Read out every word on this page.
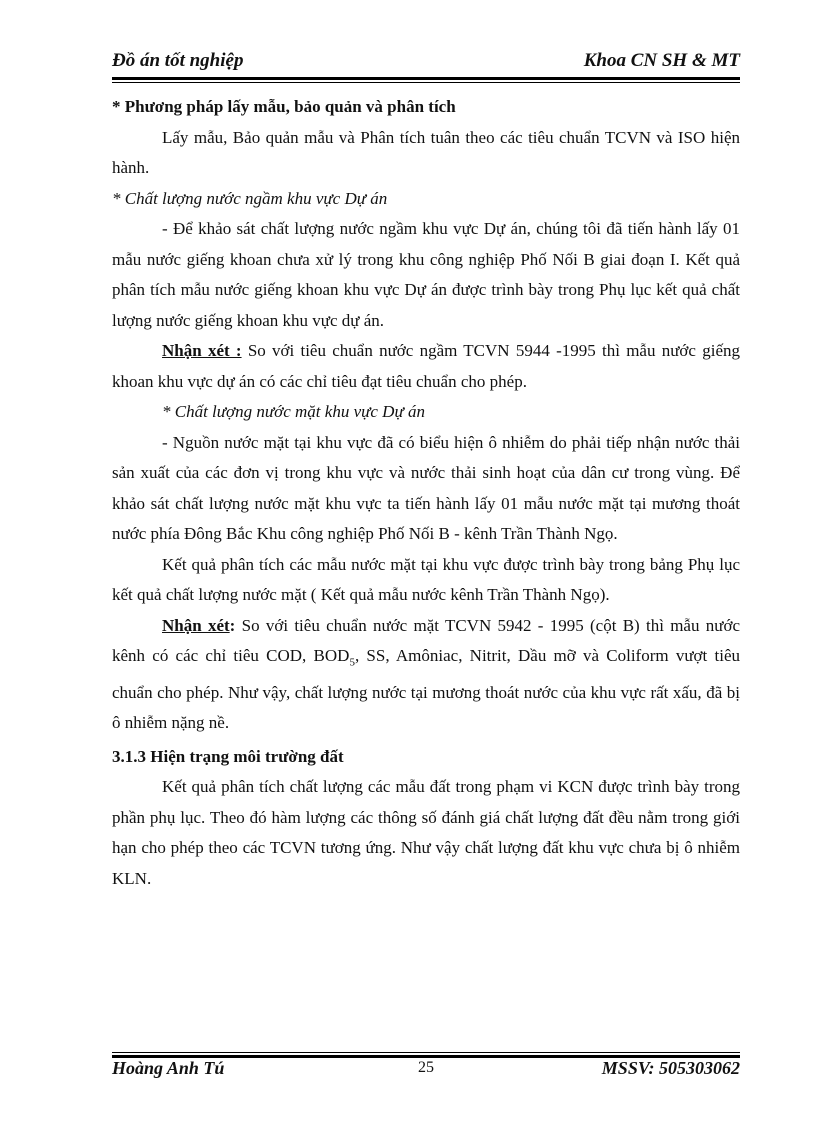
Đồ án tốt nghiệp	Khoa CN SH & MT

* Phương pháp lấy mẫu, bảo quản và phân tích

Lấy mẫu, Bảo quản mẫu và Phân tích tuân theo các tiêu chuẩn TCVN và ISO hiện hành.

* Chất lượng nước ngầm khu vực Dự án

- Để khảo sát chất lượng nước ngầm khu vực Dự án, chúng tôi đã tiến hành lấy 01 mẫu nước giếng khoan chưa xử lý trong khu công nghiệp Phố Nối B giai đoạn I. Kết quả phân tích mẫu nước giếng khoan khu vực Dự án được trình bày trong Phụ lục kết quả chất lượng nước giếng khoan khu vực dự án.

Nhận xét : So với tiêu chuẩn nước ngầm TCVN 5944 -1995 thì mẫu nước giếng khoan khu vực dự án có các chỉ tiêu đạt tiêu chuẩn cho phép.

* Chất lượng nước mặt khu vực Dự án

- Nguồn nước mặt tại khu vực đã có biểu hiện ô nhiễm do phải tiếp nhận nước thải sản xuất của các đơn vị trong khu vực và nước thải sinh hoạt của dân cư trong vùng. Để khảo sát chất lượng nước mặt khu vực ta tiến hành lấy 01 mẫu nước mặt tại mương thoát nước phía Đông Bắc Khu công nghiệp Phố Nối B - kênh Trần Thành Ngọ.

Kết quả phân tích các mẫu nước mặt tại khu vực được trình bày trong bảng Phụ lục kết quả chất lượng nước mặt ( Kết quả mẫu nước kênh Trần Thành Ngọ).

Nhận xét: So với tiêu chuẩn nước mặt TCVN 5942 - 1995 (cột B) thì mẫu nước kênh có các chỉ tiêu COD, $BOD_5$, SS, Amôniac, Nitrit, Dầu mỡ và Coliform vượt tiêu chuẩn cho phép. Như vậy, chất lượng nước tại mương thoát nước của khu vực rất xấu, đã bị ô nhiễm nặng nề.

3.1.3 Hiện trạng môi trường đất

Kết quả phân tích chất lượng các mẫu đất trong phạm vi KCN được trình bày trong phần phụ lục. Theo đó hàm lượng các thông số đánh giá chất lượng đất đều nằm trong giới hạn cho phép theo các TCVN tương ứng. Như vậy chất lượng đất khu vực chưa bị ô nhiễm KLN.

Hoàng Anh Tú	25	MSSV: 505303062
